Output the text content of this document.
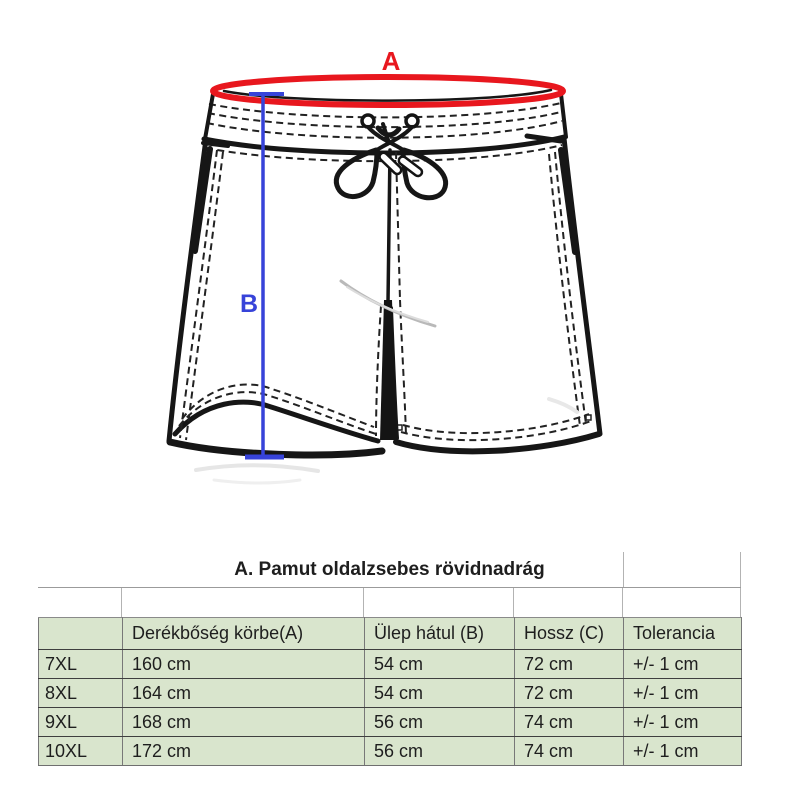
A
B
A. Pamut oldalzsebes rövidnadrág
	Derékbőség körbe(A)	Ülep hátul (B)	Hossz (C)	Tolerancia
7XL	160 cm	54 cm	72 cm	+/- 1 cm
8XL	164 cm	54 cm	72 cm	+/- 1 cm
9XL	168 cm	56 cm	74 cm	+/- 1 cm
10XL	172 cm	56 cm	74 cm	+/- 1 cm
